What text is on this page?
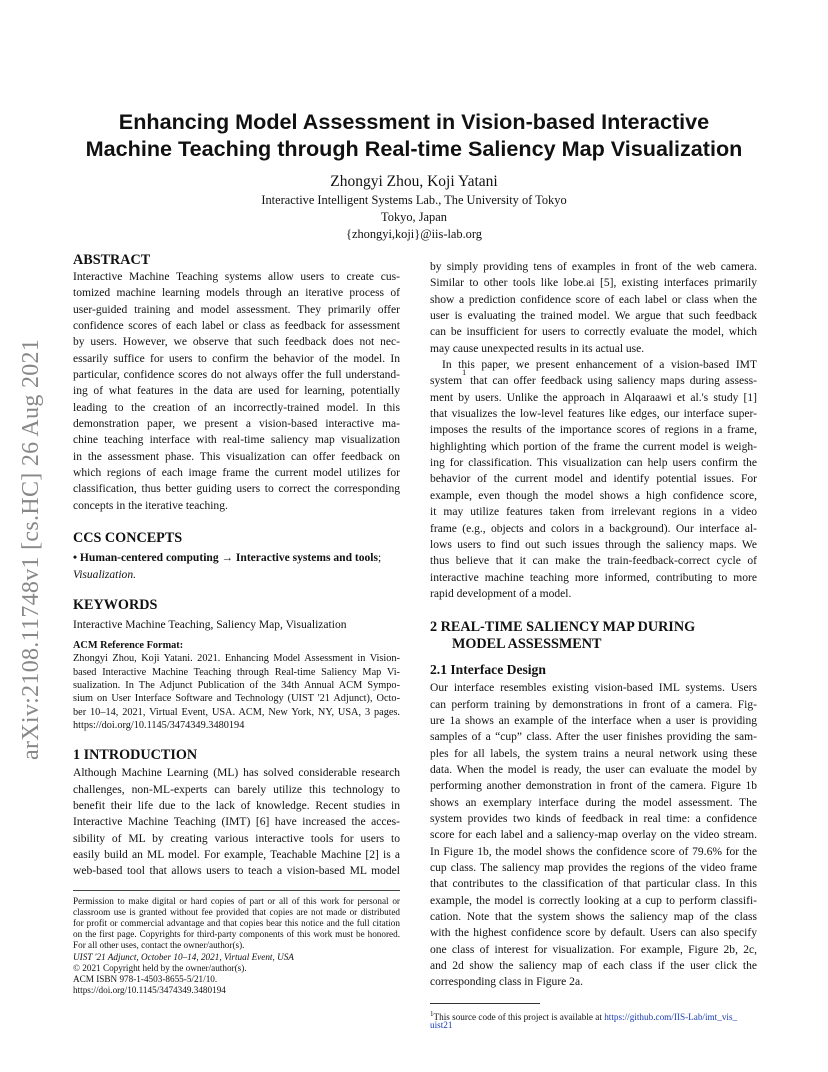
arXiv:2108.11748v1 [cs.HC] 26 Aug 2021
Enhancing Model Assessment in Vision-based Interactive
Machine Teaching through Real-time Saliency Map Visualization
Zhongyi Zhou, Koji Yatani
Interactive Intelligent Systems Lab., The University of Tokyo
Tokyo, Japan
{zhongyi,koji}@iis-lab.org
ABSTRACT
Interactive Machine Teaching systems allow users to create cus-
tomized machine learning models through an iterative process of
user-guided training and model assessment. They primarily offer
confidence scores of each label or class as feedback for assessment
by users. However, we observe that such feedback does not nec-
essarily suffice for users to confirm the behavior of the model. In
particular, confidence scores do not always offer the full understand-
ing of what features in the data are used for learning, potentially
leading to the creation of an incorrectly-trained model. In this
demonstration paper, we present a vision-based interactive ma-
chine teaching interface with real-time saliency map visualization
in the assessment phase. This visualization can offer feedback on
which regions of each image frame the current model utilizes for
classification, thus better guiding users to correct the corresponding
concepts in the iterative teaching.
CCS CONCEPTS
• Human-centered computing → Interactive systems and tools;
Visualization.
KEYWORDS
Interactive Machine Teaching, Saliency Map, Visualization
ACM Reference Format:
Zhongyi Zhou, Koji Yatani. 2021. Enhancing Model Assessment in Vision-
based Interactive Machine Teaching through Real-time Saliency Map Vi-
sualization. In The Adjunct Publication of the 34th Annual ACM Sympo-
sium on User Interface Software and Technology (UIST '21 Adjunct), Octo-
ber 10–14, 2021, Virtual Event, USA. ACM, New York, NY, USA, 3 pages.
https://doi.org/10.1145/3474349.3480194
1 INTRODUCTION
Although Machine Learning (ML) has solved considerable research
challenges, non-ML-experts can barely utilize this technology to
benefit their life due to the lack of knowledge. Recent studies in
Interactive Machine Teaching (IMT) [6] have increased the acces-
sibility of ML by creating various interactive tools for users to
easily build an ML model. For example, Teachable Machine [2] is a
web-based tool that allows users to teach a vision-based ML model
Permission to make digital or hard copies of part or all of this work for personal or
classroom use is granted without fee provided that copies are not made or distributed
for profit or commercial advantage and that copies bear this notice and the full citation
on the first page. Copyrights for third-party components of this work must be honored.
For all other uses, contact the owner/author(s).
UIST '21 Adjunct, October 10–14, 2021, Virtual Event, USA
© 2021 Copyright held by the owner/author(s).
ACM ISBN 978-1-4503-8655-5/21/10.
https://doi.org/10.1145/3474349.3480194
by simply providing tens of examples in front of the web camera.
Similar to other tools like lobe.ai [5], existing interfaces primarily
show a prediction confidence score of each label or class when the
user is evaluating the trained model. We argue that such feedback
can be insufficient for users to correctly evaluate the model, which
may cause unexpected results in its actual use.
In this paper, we present enhancement of a vision-based IMT
system
1
that can offer feedback using saliency maps during assess-
ment by users. Unlike the approach in Alqaraawi et al.'s study [1]
that visualizes the low-level features like edges, our interface super-
imposes the results of the importance scores of regions in a frame,
highlighting which portion of the frame the current model is weigh-
ing for classification. This visualization can help users confirm the
behavior of the current model and identify potential issues. For
example, even though the model shows a high confidence score,
it may utilize features taken from irrelevant regions in a video
frame (e.g., objects and colors in a background). Our interface al-
lows users to find out such issues through the saliency maps. We
thus believe that it can make the train-feedback-correct cycle of
interactive machine teaching more informed, contributing to more
rapid development of a model.
2 REAL-TIME SALIENCY MAP DURING
MODEL ASSESSMENT
2.1 Interface Design
Our interface resembles existing vision-based IML systems. Users
can perform training by demonstrations in front of a camera. Fig-
ure 1a shows an example of the interface when a user is providing
samples of a “cup” class. After the user finishes providing the sam-
ples for all labels, the system trains a neural network using these
data. When the model is ready, the user can evaluate the model by
performing another demonstration in front of the camera. Figure 1b
shows an exemplary interface during the model assessment. The
system provides two kinds of feedback in real time: a confidence
score for each label and a saliency-map overlay on the video stream.
In Figure 1b, the model shows the confidence score of 79.6% for the
cup class. The saliency map provides the regions of the video frame
that contributes to the classification of that particular class. In this
example, the model is correctly looking at a cup to perform classifi-
cation. Note that the system shows the saliency map of the class
with the highest confidence score by default. Users can also specify
one class of interest for visualization. For example, Figure 2b, 2c,
and 2d show the saliency map of each class if the user click the
corresponding class in Figure 2a.
$^1$This source code of this project is available at https://github.com/IIS-Lab/imt_vis_
uist21
